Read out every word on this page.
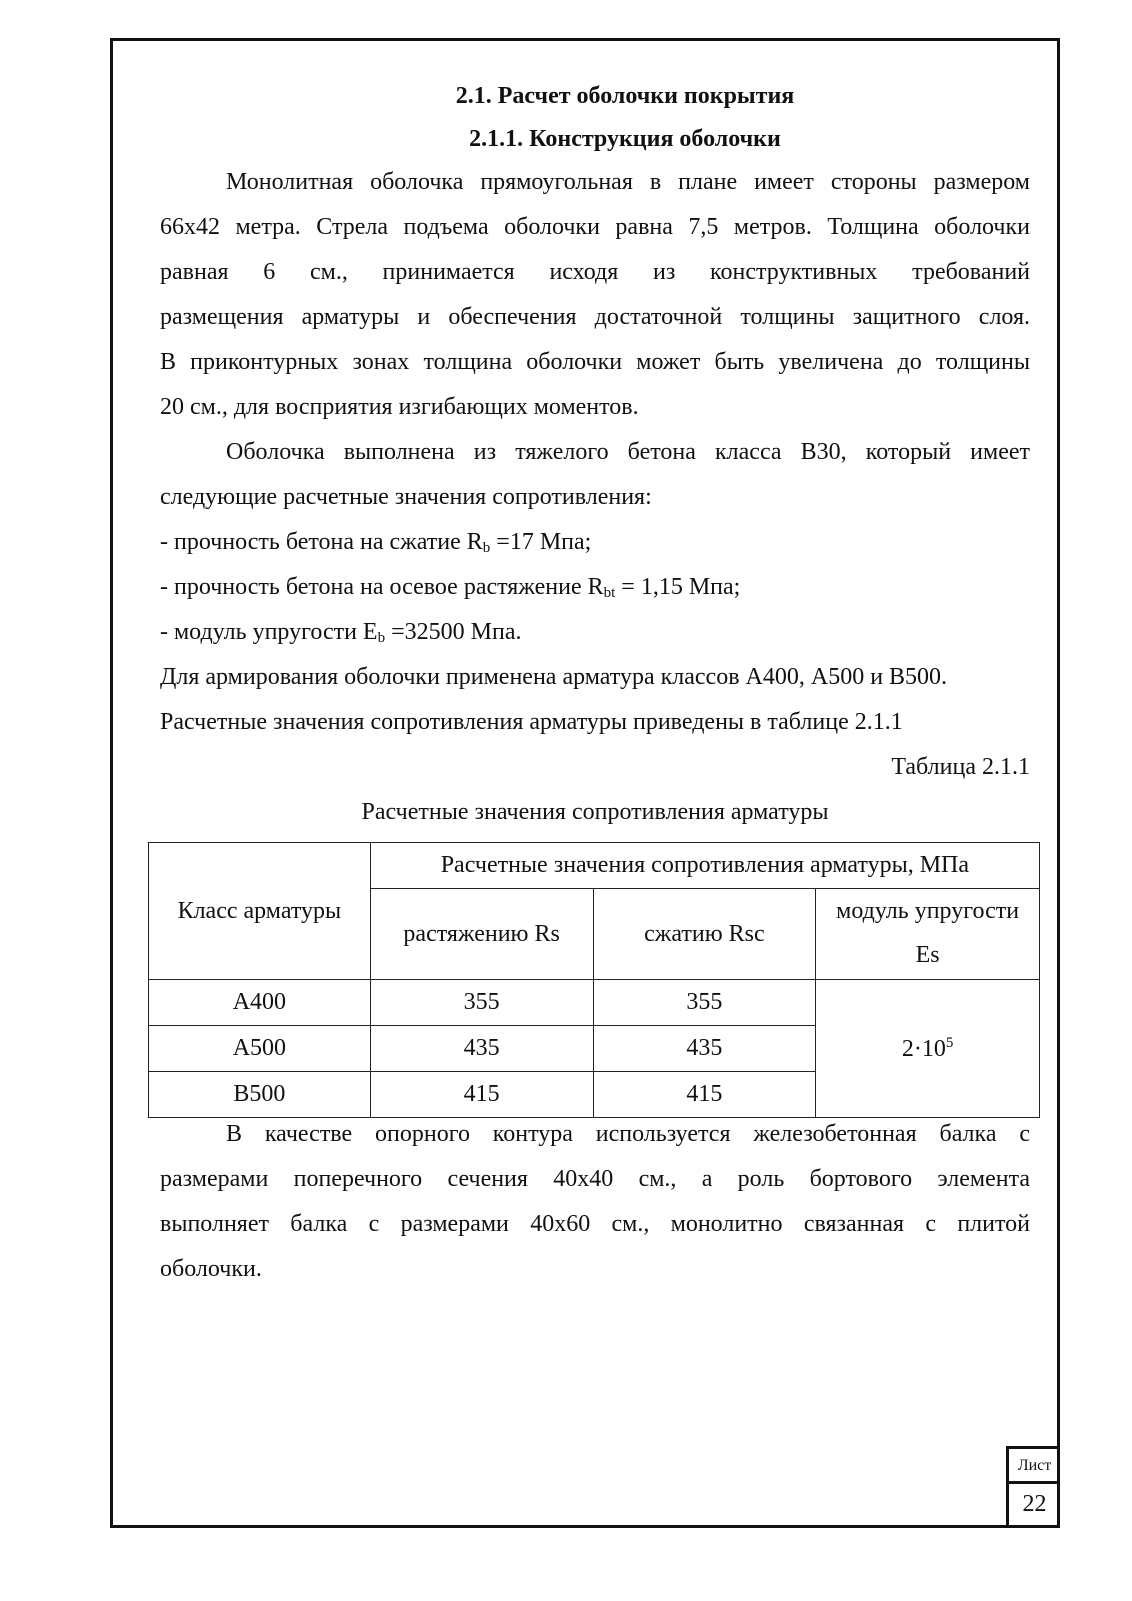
2.1. Расчет оболочки покрытия

2.1.1. Конструкция оболочки

Монолитная оболочка прямоугольная в плане имеет стороны размером

66х42 метра. Стрела подъема оболочки равна 7,5 метров. Толщина оболочки

равная 6 см., принимается исходя из конструктивных требований

размещения арматуры и обеспечения достаточной толщины защитного слоя.

В приконтурных зонах толщина оболочки может быть увеличена до толщины

20 см., для восприятия изгибающих моментов.

Оболочка выполнена из тяжелого бетона класса В30, который имеет

следующие расчетные значения сопротивления:

- прочность бетона на сжатие $R_b =17$ Мпа;

- прочность бетона на осевое растяжение $R_{bt} = 1,15$ Мпа;

- модуль упругости $E_b =32500$ Мпа.

Для армирования оболочки применена арматура классов А400, А500 и В500.

Расчетные значения сопротивления арматуры приведены в таблице 2.1.1

Таблица 2.1.1

Расчетные значения сопротивления арматуры

Класс арматуры	Расчетные значения сопротивления арматуры, МПа		
	растяжению Rs	сжатию Rsc	модуль упругости Es
А400	355	355	$2\cdot 10^5$
А500	435	435	
В500	415	415	

В качестве опорного контура используется железобетонная балка с

размерами поперечного сечения 40х40 см., а роль бортового элемента

выполняет балка с размерами 40х60 см., монолитно связанная с плитой

оболочки.

Лист
22
